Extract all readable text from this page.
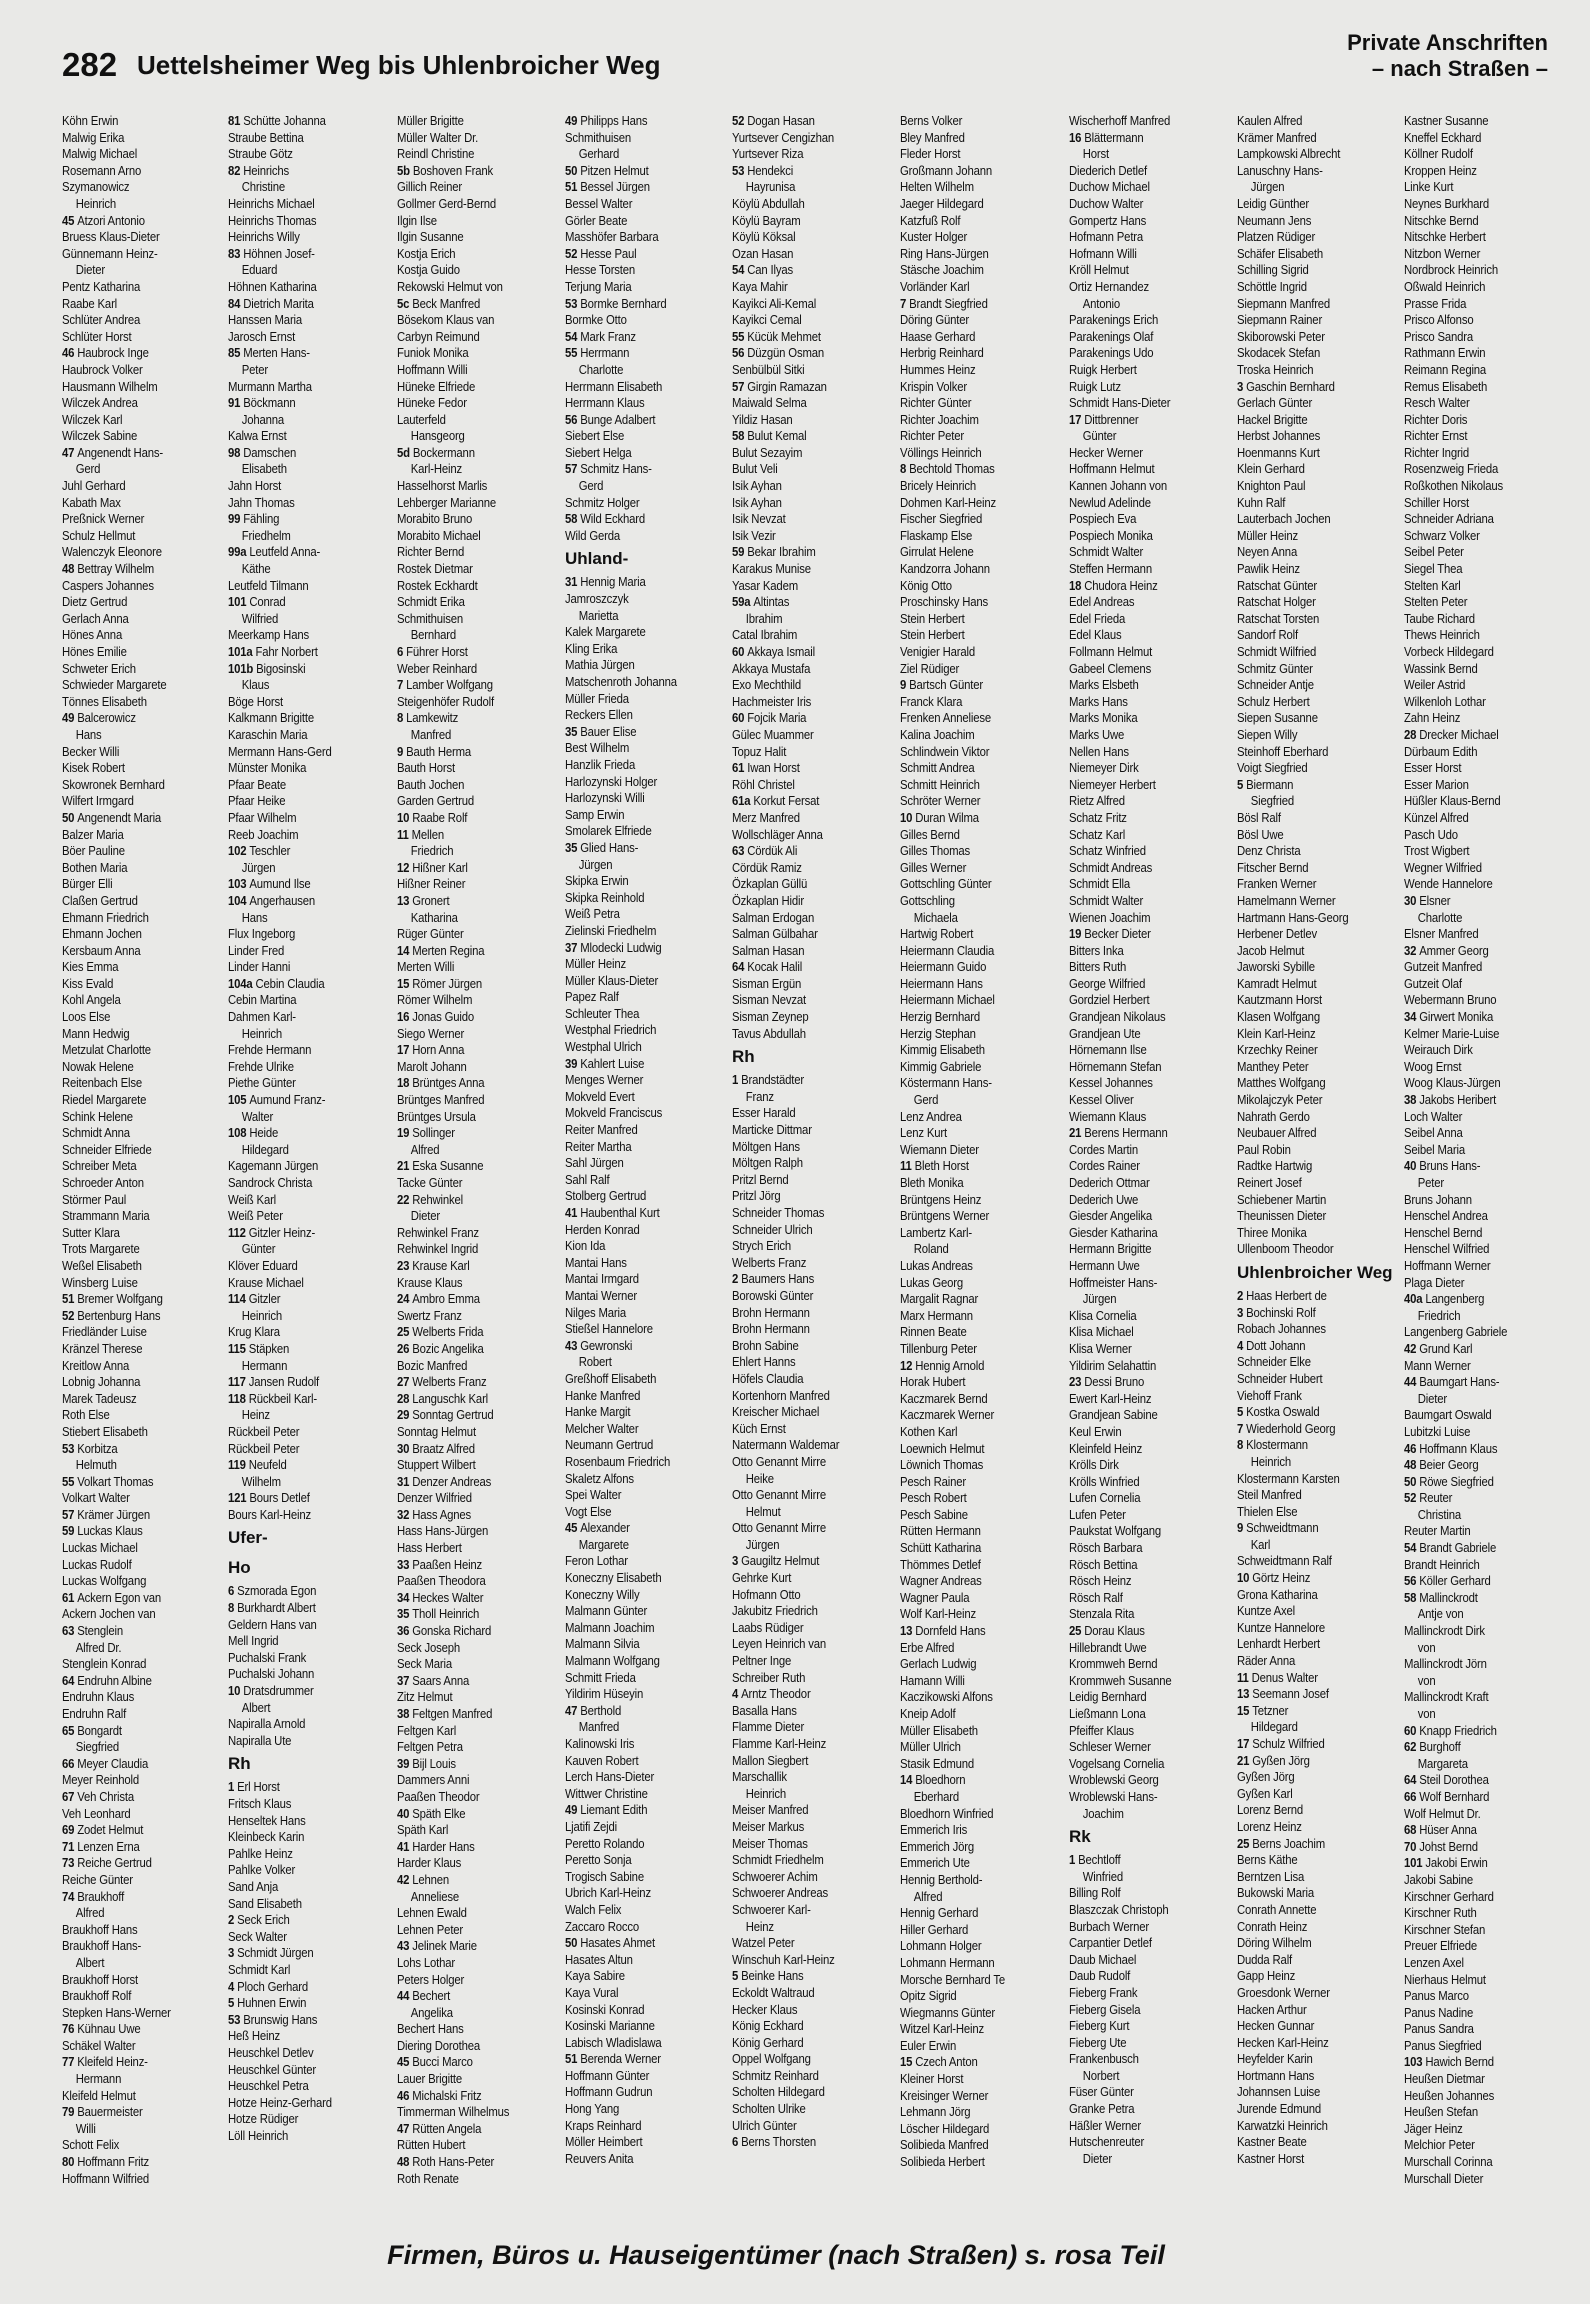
282 Uettelsheimer Weg bis Uhlenbroicher Weg
Private Anschriften
– nach Straßen –
Köhn Erwin
Malwig Erika
Malwig Michael
Rosemann Arno
Szymanowicz
Heinrich
45 Atzori Antonio
Bruess Klaus-Dieter
Günnemann Heinz-
Dieter
Pentz Katharina
Raabe Karl
Schlüter Andrea
Schlüter Horst
46 Haubrock Inge
Haubrock Volker
Hausmann Wilhelm
Wilczek Andrea
Wilczek Karl
Wilczek Sabine
47 Angenendt Hans-
Gerd
Juhl Gerhard
Kabath Max
Preßnick Werner
Schulz Hellmut
Walenczyk Eleonore
48 Bettray Wilhelm
Caspers Johannes
Dietz Gertrud
Gerlach Anna
Hönes Anna
Hönes Emilie
Schweter Erich
Schwieder Margarete
Tönnes Elisabeth
49 Balcerowicz
Hans
Becker Willi
Kisek Robert
Skowronek Bernhard
Wilfert Irmgard
50 Angenendt Maria
Balzer Maria
Böer Pauline
Bothen Maria
Bürger Elli
Claßen Gertrud
Ehmann Friedrich
Ehmann Jochen
Kersbaum Anna
Kies Emma
Kiss Evald
Kohl Angela
Loos Else
Mann Hedwig
Metzulat Charlotte
Nowak Helene
Reitenbach Else
Riedel Margarete
Schink Helene
Schmidt Anna
Schneider Elfriede
Schreiber Meta
Schroeder Anton
Störmer Paul
Strammann Maria
Sutter Klara
Trots Margarete
Weßel Elisabeth
Winsberg Luise
51 Bremer Wolfgang
52 Bertenburg Hans
Friedländer Luise
Kränzel Therese
Kreitlow Anna
Lobnig Johanna
Marek Tadeusz
Roth Else
Stiebert Elisabeth
53 Korbitza
Helmuth
55 Volkart Thomas
Volkart Walter
57 Krämer Jürgen
59 Luckas Klaus
Luckas Michael
Luckas Rudolf
Luckas Wolfgang
61 Ackern Egon van
Ackern Jochen van
63 Stenglein
Alfred Dr.
Stenglein Konrad
64 Endruhn Albine
Endruhn Klaus
Endruhn Ralf
65 Bongardt
Siegfried
66 Meyer Claudia
Meyer Reinhold
67 Veh Christa
Veh Leonhard
69 Zodet Helmut
71 Lenzen Erna
73 Reiche Gertrud
Reiche Günter
74 Braukhoff
Alfred
Braukhoff Hans
Braukhoff Hans-
Albert
Braukhoff Horst
Braukhoff Rolf
Stepken Hans-Werner
76 Kühnau Uwe
Schäkel Walter
77 Kleifeld Heinz-
Hermann
Kleifeld Helmut
79 Bauermeister
Willi
Schott Felix
80 Hoffmann Fritz
Hoffmann Wilfried
81 Schütte Johanna
Straube Bettina
Straube Götz
82 Heinrichs
Christine
Heinrichs Michael
Heinrichs Thomas
Heinrichs Willy
83 Höhnen Josef-
Eduard
Höhnen Katharina
84 Dietrich Marita
Hanssen Maria
Jarosch Ernst
85 Merten Hans-
Peter
Murmann Martha
91 Böckmann
Johanna
Kalwa Ernst
98 Damschen
Elisabeth
Jahn Horst
Jahn Thomas
99 Fähling
Friedhelm
99a Leutfeld Anna-
Käthe
Leutfeld Tilmann
101 Conrad
Wilfried
Meerkamp Hans
101a Fahr Norbert
101b Bigosinski
Klaus
Böge Horst
Kalkmann Brigitte
Karaschin Maria
Mermann Hans-Gerd
Münster Monika
Pfaar Beate
Pfaar Heike
Pfaar Wilhelm
Reeb Joachim
102 Teschler
Jürgen
103 Aumund Ilse
104 Angerhausen
Hans
Flux Ingeborg
Linder Fred
Linder Hanni
104a Cebin Claudia
Cebin Martina
Dahmen Karl-
Heinrich
Frehde Hermann
Frehde Ulrike
Piethe Günter
105 Aumund Franz-
Walter
108 Heide
Hildegard
Kagemann Jürgen
Sandrock Christa
Weiß Karl
Weiß Peter
112 Gitzler Heinz-
Günter
Klöver Eduard
Krause Michael
114 Gitzler
Heinrich
Krug Klara
115 Stäpken
Hermann
117 Jansen Rudolf
118 Rückbeil Karl-
Heinz
Rückbeil Peter
Rückbeil Peter
119 Neufeld
Wilhelm
121 Bours Detlef
Bours Karl-Heinz
Ufer-
Ho
6 Szmorada Egon
8 Burkhardt Albert
Geldern Hans van
Mell Ingrid
Puchalski Frank
Puchalski Johann
10 Dratsdrummer
Albert
Napiralla Arnold
Napiralla Ute
Rh
1 Erl Horst
Fritsch Klaus
Henseltek Hans
Kleinbeck Karin
Pahlke Heinz
Pahlke Volker
Sand Anja
Sand Elisabeth
2 Seck Erich
Seck Walter
3 Schmidt Jürgen
Schmidt Karl
4 Ploch Gerhard
5 Huhnen Erwin
53 Brunswig Hans
Heß Heinz
Heuschkel Detlev
Heuschkel Günter
Heuschkel Petra
Hotze Heinz-Gerhard
Hotze Rüdiger
Löll Heinrich
Müller Brigitte
Müller Walter Dr.
Reindl Christine
5b Boshoven Frank
Gillich Reiner
Gollmer Gerd-Bernd
Ilgin Ilse
Ilgin Susanne
Kostja Erich
Kostja Guido
Rekowski Helmut von
5c Beck Manfred
Bösekom Klaus van
Carbyn Reimund
Funiok Monika
Hoffmann Willi
Hüneke Elfriede
Hüneke Fedor
Lauterfeld
Hansgeorg
5d Bockermann
Karl-Heinz
Hasselhorst Marlis
Lehberger Marianne
Morabito Bruno
Morabito Michael
Richter Bernd
Rostek Dietmar
Rostek Eckhardt
Schmidt Erika
Schmithuisen
Bernhard
6 Führer Horst
Weber Reinhard
7 Lamber Wolfgang
Steigenhöfer Rudolf
8 Lamkewitz
Manfred
9 Bauth Herma
Bauth Horst
Bauth Jochen
Garden Gertrud
10 Raabe Rolf
11 Mellen
Friedrich
12 Hißner Karl
Hißner Reiner
13 Gronert
Katharina
Rüger Günter
14 Merten Regina
Merten Willi
15 Römer Jürgen
Römer Wilhelm
16 Jonas Guido
Siego Werner
17 Horn Anna
Marolt Johann
18 Brüntges Anna
Brüntges Manfred
Brüntges Ursula
19 Sollinger
Alfred
21 Eska Susanne
Tacke Günter
22 Rehwinkel
Dieter
Rehwinkel Franz
Rehwinkel Ingrid
23 Krause Karl
Krause Klaus
24 Ambro Emma
Swertz Franz
25 Welberts Frida
26 Bozic Angelika
Bozic Manfred
27 Welberts Franz
28 Languschk Karl
29 Sonntag Gertrud
Sonntag Helmut
30 Braatz Alfred
Stuppert Wilbert
31 Denzer Andreas
Denzer Wilfried
32 Hass Agnes
Hass Hans-Jürgen
Hass Herbert
33 Paaßen Heinz
Paaßen Theodora
34 Heckes Walter
35 Tholl Heinrich
36 Gonska Richard
Seck Joseph
Seck Maria
37 Saars Anna
Zitz Helmut
38 Feltgen Manfred
Feltgen Karl
Feltgen Petra
39 Bijl Louis
Dammers Anni
Paaßen Theodor
40 Späth Elke
Späth Karl
41 Harder Hans
Harder Klaus
42 Lehnen
Anneliese
Lehnen Ewald
Lehnen Peter
43 Jelinek Marie
Lohs Lothar
Peters Holger
44 Bechert
Angelika
Bechert Hans
Diering Dorothea
45 Bucci Marco
Lauer Brigitte
46 Michalski Fritz
Timmerman Wilhelmus
47 Rütten Angela
Rütten Hubert
48 Roth Hans-Peter
Roth Renate
49 Philipps Hans
Schmithuisen
Gerhard
50 Pitzen Helmut
51 Bessel Jürgen
Bessel Walter
Görler Beate
Masshöfer Barbara
52 Hesse Paul
Hesse Torsten
Terjung Maria
53 Bormke Bernhard
Bormke Otto
54 Mark Franz
55 Herrmann
Charlotte
Herrmann Elisabeth
Herrmann Klaus
56 Bunge Adalbert
Siebert Else
Siebert Helga
57 Schmitz Hans-
Gerd
Schmitz Holger
58 Wild Eckhard
Wild Gerda
Uhland-
31 Hennig Maria
Jamroszczyk
Marietta
Kalek Margarete
Kling Erika
Mathia Jürgen
Matschenroth Johanna
Müller Frieda
Reckers Ellen
35 Bauer Elise
Best Wilhelm
Hanzlik Frieda
Harlozynski Holger
Harlozynski Willi
Samp Erwin
Smolarek Elfriede
35 Glied Hans-
Jürgen
Skipka Erwin
Skipka Reinhold
Weiß Petra
Zielinski Friedhelm
37 Mlodecki Ludwig
Müller Heinz
Müller Klaus-Dieter
Papez Ralf
Schleuter Thea
Westphal Friedrich
Westphal Ulrich
39 Kahlert Luise
Menges Werner
Mokveld Evert
Mokveld Franciscus
Reiter Manfred
Reiter Martha
Sahl Jürgen
Sahl Ralf
Stolberg Gertrud
41 Haubenthal Kurt
Herden Konrad
Kion Ida
Mantai Hans
Mantai Irmgard
Mantai Werner
Nilges Maria
Stießel Hannelore
43 Gewronski
Robert
Greßhoff Elisabeth
Hanke Manfred
Hanke Margit
Melcher Walter
Neumann Gertrud
Rosenbaum Friedrich
Skaletz Alfons
Spei Walter
Vogt Else
45 Alexander
Margarete
Feron Lothar
Koneczny Elisabeth
Koneczny Willy
Malmann Günter
Malmann Joachim
Malmann Silvia
Malmann Wolfgang
Schmitt Frieda
Yildirim Hüseyin
47 Berthold
Manfred
Kalinowski Iris
Kauven Robert
Lerch Hans-Dieter
Wittwer Christine
49 Liemant Edith
Ljatifi Zejdi
Peretto Rolando
Peretto Sonja
Trogisch Sabine
Ubrich Karl-Heinz
Walch Felix
Zaccaro Rocco
50 Hasates Ahmet
Hasates Altun
Kaya Sabire
Kaya Vural
Kosinski Konrad
Kosinski Marianne
Labisch Wladislawa
51 Berenda Werner
Hoffmann Günter
Hoffmann Gudrun
Hong Yang
Kraps Reinhard
Möller Heimbert
Reuvers Anita
52 Dogan Hasan
Yurtsever Cengizhan
Yurtsever Riza
53 Hendekci
Hayrunisa
Köylü Abdullah
Köylü Bayram
Köylü Köksal
Ozan Hasan
54 Can Ilyas
Kaya Mahir
Kayikci Ali-Kemal
Kayikci Cemal
55 Kücük Mehmet
56 Düzgün Osman
Senbülbül Sitki
57 Girgin Ramazan
Maiwald Selma
Yildiz Hasan
58 Bulut Kemal
Bulut Sezayim
Bulut Veli
Isik Ayhan
Isik Ayhan
Isik Nevzat
Isik Vezir
59 Bekar Ibrahim
Karakus Munise
Yasar Kadem
59a Altintas
Ibrahim
Catal Ibrahim
60 Akkaya Ismail
Akkaya Mustafa
Exo Mechthild
Hachmeister Iris
60 Fojcik Maria
Gülec Muammer
Topuz Halit
61 Iwan Horst
Röhl Christel
61a Korkut Fersat
Merz Manfred
Wollschläger Anna
63 Cördük Ali
Cördük Ramiz
Özkaplan Güllü
Özkaplan Hidir
Salman Erdogan
Salman Gülbahar
Salman Hasan
64 Kocak Halil
Sisman Ergün
Sisman Nevzat
Sisman Zeynep
Tavus Abdullah
Rh
1 Brandstädter
Franz
Esser Harald
Marticke Dittmar
Möltgen Hans
Möltgen Ralph
Pritzl Bernd
Pritzl Jörg
Schneider Thomas
Schneider Ulrich
Strych Erich
Welberts Franz
2 Baumers Hans
Borowski Günter
Brohn Hermann
Brohn Hermann
Brohn Sabine
Ehlert Hanns
Höfels Claudia
Kortenhorn Manfred
Kreischer Michael
Küch Ernst
Natermann Waldemar
Otto Genannt Mirre
Heike
Otto Genannt Mirre
Helmut
Otto Genannt Mirre
Jürgen
3 Gaugiltz Helmut
Gehrke Kurt
Hofmann Otto
Jakubitz Friedrich
Laabs Rüdiger
Leyen Heinrich van
Peltner Inge
Schreiber Ruth
4 Arntz Theodor
Basalla Hans
Flamme Dieter
Flamme Karl-Heinz
Mallon Siegbert
Marschallik
Heinrich
Meiser Manfred
Meiser Markus
Meiser Thomas
Schmidt Friedhelm
Schwoerer Achim
Schwoerer Andreas
Schwoerer Karl-
Heinz
Watzel Peter
Winschuh Karl-Heinz
5 Beinke Hans
Eckoldt Waltraud
Hecker Klaus
König Eckhard
König Gerhard
Oppel Wolfgang
Schmitz Reinhard
Scholten Hildegard
Scholten Ulrike
Ulrich Günter
6 Berns Thorsten
Berns Volker
Bley Manfred
Fleder Horst
Großmann Johann
Helten Wilhelm
Jaeger Hildegard
Katzfuß Rolf
Kuster Holger
Ring Hans-Jürgen
Stäsche Joachim
Vorländer Karl
7 Brandt Siegfried
Döring Günter
Haase Gerhard
Herbrig Reinhard
Hummes Heinz
Krispin Volker
Richter Günter
Richter Joachim
Richter Peter
Völlings Heinrich
8 Bechtold Thomas
Bricely Heinrich
Dohmen Karl-Heinz
Fischer Siegfried
Flaskamp Else
Girrulat Helene
Kandzorra Johann
König Otto
Proschinsky Hans
Stein Herbert
Stein Herbert
Venigier Harald
Ziel Rüdiger
9 Bartsch Günter
Franck Klara
Frenken Anneliese
Kalina Joachim
Schlindwein Viktor
Schmitt Andrea
Schmitt Heinrich
Schröter Werner
10 Duran Wilma
Gilles Bernd
Gilles Thomas
Gilles Werner
Gottschling Günter
Gottschling
Michaela
Hartwig Robert
Heiermann Claudia
Heiermann Guido
Heiermann Hans
Heiermann Michael
Herzig Bernhard
Herzig Stephan
Kimmig Elisabeth
Kimmig Gabriele
Köstermann Hans-
Gerd
Lenz Andrea
Lenz Kurt
Wiemann Dieter
11 Bleth Horst
Bleth Monika
Brüntgens Heinz
Brüntgens Werner
Lambertz Karl-
Roland
Lukas Andreas
Lukas Georg
Margalit Ragnar
Marx Hermann
Rinnen Beate
Tillenburg Peter
12 Hennig Arnold
Horak Hubert
Kaczmarek Bernd
Kaczmarek Werner
Kothen Karl
Loewnich Helmut
Löwnich Thomas
Pesch Rainer
Pesch Robert
Pesch Sabine
Rütten Hermann
Schütt Katharina
Thömmes Detlef
Wagner Andreas
Wagner Paula
Wolf Karl-Heinz
13 Dornfeld Hans
Erbe Alfred
Gerlach Ludwig
Hamann Willi
Kaczikowski Alfons
Kneip Adolf
Müller Elisabeth
Müller Ulrich
Stasik Edmund
14 Bloedhorn
Eberhard
Bloedhorn Winfried
Emmerich Iris
Emmerich Jörg
Emmerich Ute
Hennig Berthold-
Alfred
Hennig Gerhard
Hiller Gerhard
Lohmann Holger
Lohmann Hermann
Morsche Bernhard Te
Opitz Sigrid
Wiegmanns Günter
Witzel Karl-Heinz
Euler Erwin
15 Czech Anton
Kleiner Horst
Kreisinger Werner
Lehmann Jörg
Löscher Hildegard
Solibieda Manfred
Solibieda Herbert
Wischerhoff Manfred
16 Blättermann
Horst
Diederich Detlef
Duchow Michael
Duchow Walter
Gompertz Hans
Hofmann Petra
Hofmann Willi
Kröll Helmut
Ortiz Hernandez
Antonio
Parakenings Erich
Parakenings Olaf
Parakenings Udo
Ruigk Herbert
Ruigk Lutz
Schmidt Hans-Dieter
17 Dittbrenner
Günter
Hecker Werner
Hoffmann Helmut
Kannen Johann von
Newlud Adelinde
Pospiech Eva
Pospiech Monika
Schmidt Walter
Steffen Hermann
18 Chudora Heinz
Edel Andreas
Edel Frieda
Edel Klaus
Follmann Helmut
Gabeel Clemens
Marks Elsbeth
Marks Hans
Marks Monika
Marks Uwe
Nellen Hans
Niemeyer Dirk
Niemeyer Herbert
Rietz Alfred
Schatz Fritz
Schatz Karl
Schatz Winfried
Schmidt Andreas
Schmidt Ella
Schmidt Walter
Wienen Joachim
19 Becker Dieter
Bitters Inka
Bitters Ruth
George Wilfried
Gordziel Herbert
Grandjean Nikolaus
Grandjean Ute
Hörnemann Ilse
Hörnemann Stefan
Kessel Johannes
Kessel Oliver
Wiemann Klaus
21 Berens Hermann
Cordes Martin
Cordes Rainer
Dederich Ottmar
Dederich Uwe
Giesder Angelika
Giesder Katharina
Hermann Brigitte
Hermann Uwe
Hoffmeister Hans-
Jürgen
Klisa Cornelia
Klisa Michael
Klisa Werner
Yildirim Selahattin
23 Dessi Bruno
Ewert Karl-Heinz
Grandjean Sabine
Keul Erwin
Kleinfeld Heinz
Krölls Dirk
Krölls Winfried
Lufen Cornelia
Lufen Peter
Paukstat Wolfgang
Rösch Barbara
Rösch Bettina
Rösch Heinz
Rösch Ralf
Stenzala Rita
25 Dorau Klaus
Hillebrandt Uwe
Krommweh Bernd
Krommweh Susanne
Leidig Bernhard
Ließmann Lona
Pfeiffer Klaus
Schleser Werner
Vogelsang Cornelia
Wroblewski Georg
Wroblewski Hans-
Joachim
Rk
1 Bechtloff
Winfried
Billing Rolf
Blaszczak Christoph
Burbach Werner
Carpantier Detlef
Daub Michael
Daub Rudolf
Fieberg Frank
Fieberg Gisela
Fieberg Kurt
Fieberg Ute
Frankenbusch
Norbert
Füser Günter
Granke Petra
Häßler Werner
Hutschenreuter
Dieter
Kaulen Alfred
Krämer Manfred
Lampkowski Albrecht
Lanuschny Hans-
Jürgen
Leidig Günther
Neumann Jens
Platzen Rüdiger
Schäfer Elisabeth
Schilling Sigrid
Schöttle Ingrid
Siepmann Manfred
Siepmann Rainer
Skiborowski Peter
Skodacek Stefan
Troska Heinrich
3 Gaschin Bernhard
Gerlach Günter
Hackel Brigitte
Herbst Johannes
Hoenmanns Kurt
Klein Gerhard
Knighton Paul
Kuhn Ralf
Lauterbach Jochen
Müller Heinz
Neyen Anna
Pawlik Heinz
Ratschat Günter
Ratschat Holger
Ratschat Torsten
Sandorf Rolf
Schmidt Wilfried
Schmitz Günter
Schneider Antje
Schulz Herbert
Siepen Susanne
Siepen Willy
Steinhoff Eberhard
Voigt Siegfried
5 Biermann
Siegfried
Bösl Ralf
Bösl Uwe
Denz Christa
Fitscher Bernd
Franken Werner
Hamelmann Werner
Hartmann Hans-Georg
Herbener Detlev
Jacob Helmut
Jaworski Sybille
Kamradt Helmut
Kautzmann Horst
Klasen Wolfgang
Klein Karl-Heinz
Krzechky Reiner
Manthey Peter
Matthes Wolfgang
Mikolajczyk Peter
Nahrath Gerdo
Neubauer Alfred
Paul Robin
Radtke Hartwig
Reinert Josef
Schiebener Martin
Theunissen Dieter
Thiree Monika
Ullenboom Theodor
Uhlenbroicher Weg
2 Haas Herbert de
3 Bochinski Rolf
Robach Johannes
4 Dott Johann
Schneider Elke
Schneider Hubert
Viehoff Frank
5 Kostka Oswald
7 Wiederhold Georg
8 Klostermann
Heinrich
Klostermann Karsten
Steil Manfred
Thielen Else
9 Schweidtmann
Karl
Schweidtmann Ralf
10 Görtz Heinz
Grona Katharina
Kuntze Axel
Kuntze Hannelore
Lenhardt Herbert
Räder Anna
11 Denus Walter
13 Seemann Josef
15 Tetzner
Hildegard
17 Schulz Wilfried
21 Gyßen Jörg
Gyßen Jörg
Gyßen Karl
Lorenz Bernd
Lorenz Heinz
25 Berns Joachim
Berns Käthe
Berntzen Lisa
Bukowski Maria
Conrath Annette
Conrath Heinz
Döring Wilhelm
Dudda Ralf
Gapp Heinz
Groesdonk Werner
Hacken Arthur
Hecken Gunnar
Hecken Karl-Heinz
Heyfelder Karin
Hortmann Hans
Johannsen Luise
Jurende Edmund
Karwatzki Heinrich
Kastner Beate
Kastner Horst
Kastner Susanne
Kneffel Eckhard
Köllner Rudolf
Kroppen Heinz
Linke Kurt
Neynes Burkhard
Nitschke Bernd
Nitschke Herbert
Nitzbon Werner
Nordbrock Heinrich
Oßwald Heinrich
Prasse Frida
Prisco Alfonso
Prisco Sandra
Rathmann Erwin
Reimann Regina
Remus Elisabeth
Resch Walter
Richter Doris
Richter Ernst
Richter Ingrid
Rosenzweig Frieda
Roßkothen Nikolaus
Schiller Horst
Schneider Adriana
Schwarz Volker
Seibel Peter
Siegel Thea
Stelten Karl
Stelten Peter
Taube Richard
Thews Heinrich
Vorbeck Hildegard
Wassink Bernd
Weiler Astrid
Wilkenloh Lothar
Zahn Heinz
28 Drecker Michael
Dürbaum Edith
Esser Horst
Esser Marion
Hüßler Klaus-Bernd
Künzel Alfred
Pasch Udo
Trost Wigbert
Wegner Wilfried
Wende Hannelore
30 Elsner
Charlotte
Elsner Manfred
32 Ammer Georg
Gutzeit Manfred
Gutzeit Olaf
Webermann Bruno
34 Girwert Monika
Kelmer Marie-Luise
Weirauch Dirk
Woog Ernst
Woog Klaus-Jürgen
38 Jakobs Heribert
Loch Walter
Seibel Anna
Seibel Maria
40 Bruns Hans-
Peter
Bruns Johann
Henschel Andrea
Henschel Bernd
Henschel Wilfried
Hoffmann Werner
Plaga Dieter
40a Langenberg
Friedrich
Langenberg Gabriele
42 Grund Karl
Mann Werner
44 Baumgart Hans-
Dieter
Baumgart Oswald
Lubitzki Luise
46 Hoffmann Klaus
48 Beier Georg
50 Röwe Siegfried
52 Reuter
Christina
Reuter Martin
54 Brandt Gabriele
Brandt Heinrich
56 Köller Gerhard
58 Mallinckrodt
Antje von
Mallinckrodt Dirk
von
Mallinckrodt Jörn
von
Mallinckrodt Kraft
von
60 Knapp Friedrich
62 Burghoff
Margareta
64 Steil Dorothea
66 Wolf Bernhard
Wolf Helmut Dr.
68 Hüser Anna
70 Johst Bernd
101 Jakobi Erwin
Jakobi Sabine
Kirschner Gerhard
Kirschner Ruth
Kirschner Stefan
Preuer Elfriede
Lenzen Axel
Nierhaus Helmut
Panus Marco
Panus Nadine
Panus Sandra
Panus Siegfried
103 Hawich Bernd
Heußen Dietmar
Heußen Johannes
Heußen Stefan
Jäger Heinz
Melchior Peter
Murschall Corinna
Murschall Dieter
Firmen, Büros u. Hauseigentümer (nach Straßen) s. rosa Teil
